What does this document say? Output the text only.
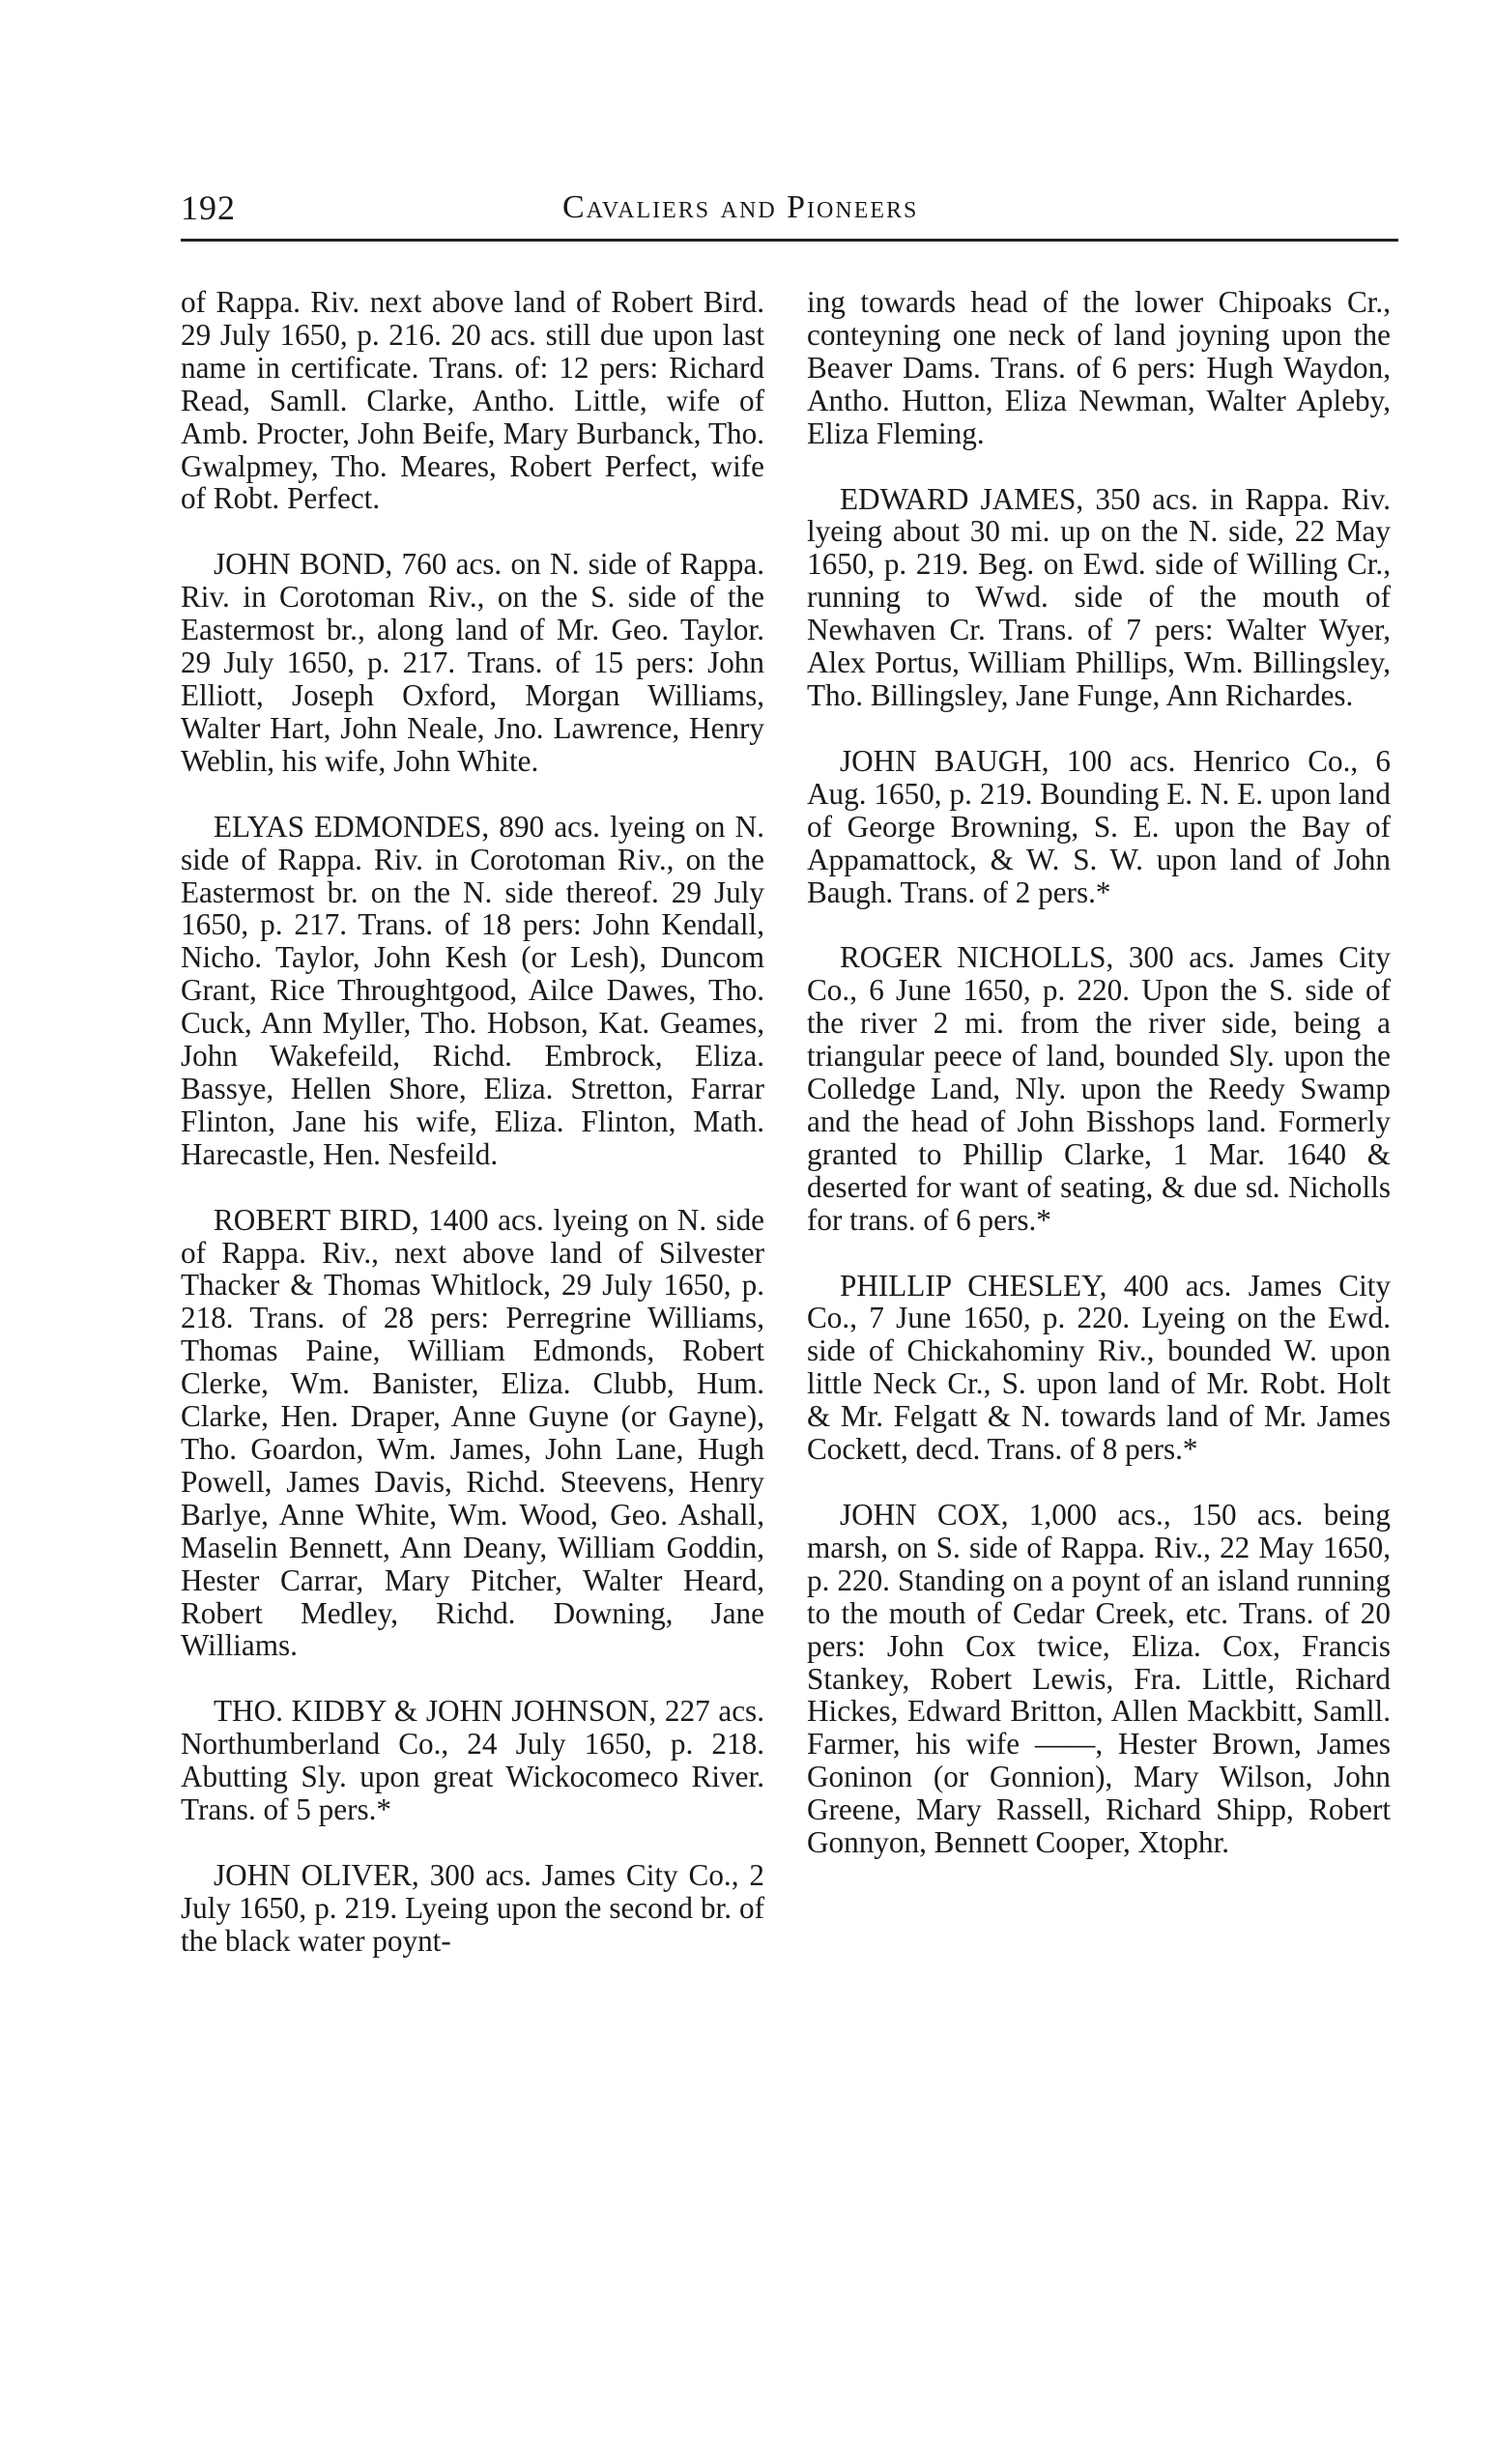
192	Cavaliers and Pioneers

of Rappa. Riv. next above land of Robert Bird. 29 July 1650, p. 216. 20 acs. still due upon last name in certificate. Trans. of: 12 pers: Richard Read, Samll. Clarke, Antho. Little, wife of Amb. Procter, John Beife, Mary Burbanck, Tho. Gwalpmey, Tho. Meares, Robert Perfect, wife of Robt. Perfect.

JOHN BOND, 760 acs. on N. side of Rappa. Riv. in Corotoman Riv., on the S. side of the Eastermost br., along land of Mr. Geo. Taylor. 29 July 1650, p. 217. Trans. of 15 pers: John Elliott, Joseph Oxford, Morgan Williams, Walter Hart, John Neale, Jno. Lawrence, Henry Weblin, his wife, John White.

ELYAS EDMONDES, 890 acs. lyeing on N. side of Rappa. Riv. in Corotoman Riv., on the Eastermost br. on the N. side thereof. 29 July 1650, p. 217. Trans. of 18 pers: John Kendall, Nicho. Taylor, John Kesh (or Lesh), Duncom Grant, Rice Throughtgood, Ailce Dawes, Tho. Cuck, Ann Myller, Tho. Hobson, Kat. Geames, John Wakefeild, Richd. Embrock, Eliza. Bassye, Hellen Shore, Eliza. Stretton, Farrar Flinton, Jane his wife, Eliza. Flinton, Math. Harecastle, Hen. Nesfeild.

ROBERT BIRD, 1400 acs. lyeing on N. side of Rappa. Riv., next above land of Silvester Thacker & Thomas Whitlock, 29 July 1650, p. 218. Trans. of 28 pers: Perregrine Williams, Thomas Paine, William Edmonds, Robert Clerke, Wm. Banister, Eliza. Clubb, Hum. Clarke, Hen. Draper, Anne Guyne (or Gayne), Tho. Goardon, Wm. James, John Lane, Hugh Powell, James Davis, Richd. Steevens, Henry Barlye, Anne White, Wm. Wood, Geo. Ashall, Maselin Bennett, Ann Deany, William Goddin, Hester Carrar, Mary Pitcher, Walter Heard, Robert Medley, Richd. Downing, Jane Williams.

THO. KIDBY & JOHN JOHNSON, 227 acs. Northumberland Co., 24 July 1650, p. 218. Abutting Sly. upon great Wickocomeco River. Trans. of 5 pers.*

JOHN OLIVER, 300 acs. James City Co., 2 July 1650, p. 219. Lyeing upon the second br. of the black water poynt-

ing towards head of the lower Chipoaks Cr., conteyning one neck of land joyning upon the Beaver Dams. Trans. of 6 pers: Hugh Waydon, Antho. Hutton, Eliza Newman, Walter Apleby, Eliza Fleming.

EDWARD JAMES, 350 acs. in Rappa. Riv. lyeing about 30 mi. up on the N. side, 22 May 1650, p. 219. Beg. on Ewd. side of Willing Cr., running to Wwd. side of the mouth of Newhaven Cr. Trans. of 7 pers: Walter Wyer, Alex Portus, William Phillips, Wm. Billingsley, Tho. Billingsley, Jane Funge, Ann Richardes.

JOHN BAUGH, 100 acs. Henrico Co., 6 Aug. 1650, p. 219. Bounding E. N. E. upon land of George Browning, S. E. upon the Bay of Appamattock, & W. S. W. upon land of John Baugh. Trans. of 2 pers.*

ROGER NICHOLLS, 300 acs. James City Co., 6 June 1650, p. 220. Upon the S. side of the river 2 mi. from the river side, being a triangular peece of land, bounded Sly. upon the Colledge Land, Nly. upon the Reedy Swamp and the head of John Bisshops land. Formerly granted to Phillip Clarke, 1 Mar. 1640 & deserted for want of seating, & due sd. Nicholls for trans. of 6 pers.*

PHILLIP CHESLEY, 400 acs. James City Co., 7 June 1650, p. 220. Lyeing on the Ewd. side of Chickahominy Riv., bounded W. upon little Neck Cr., S. upon land of Mr. Robt. Holt & Mr. Felgatt & N. towards land of Mr. James Cockett, decd. Trans. of 8 pers.*

JOHN COX, 1,000 acs., 150 acs. being marsh, on S. side of Rappa. Riv., 22 May 1650, p. 220. Standing on a poynt of an island running to the mouth of Cedar Creek, etc. Trans. of 20 pers: John Cox twice, Eliza. Cox, Francis Stankey, Robert Lewis, Fra. Little, Richard Hickes, Edward Britton, Allen Mackbitt, Samll. Farmer, his wife ——, Hester Brown, James Goninon (or Gonnion), Mary Wilson, John Greene, Mary Rassell, Richard Shipp, Robert Gonnyon, Bennett Cooper, Xtophr.
